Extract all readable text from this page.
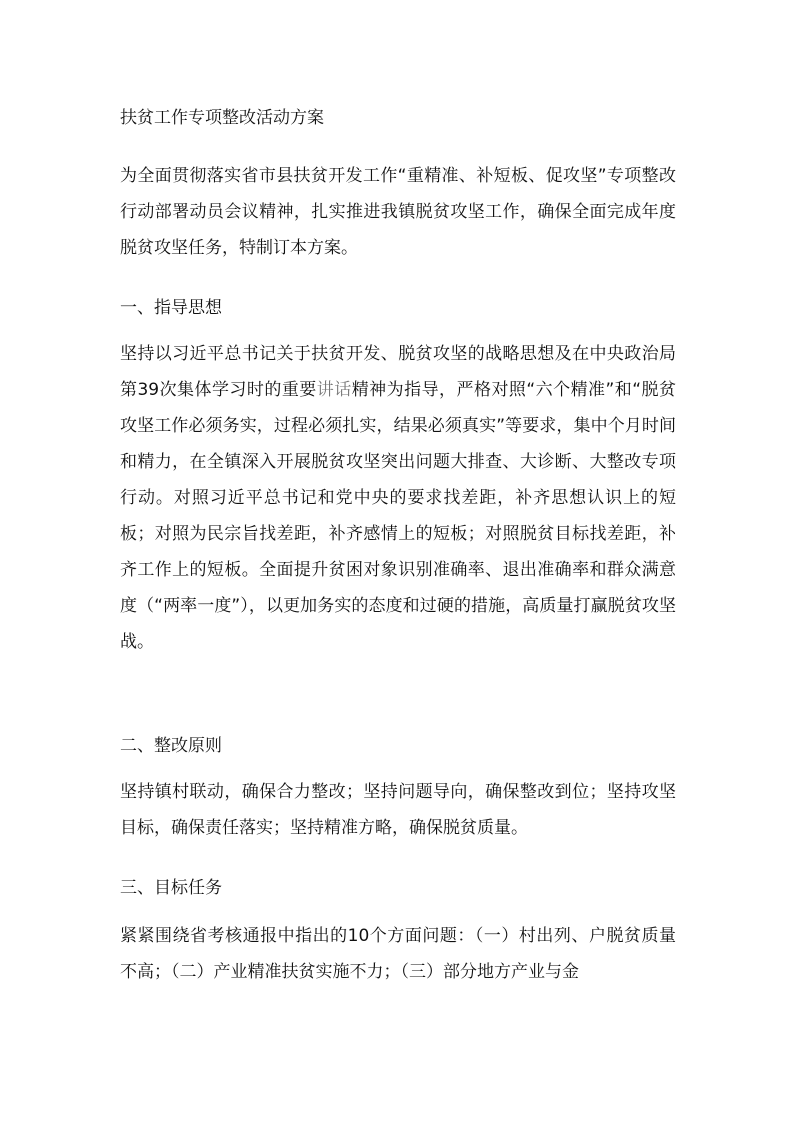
扶贫工作专项整改活动方案

为全面贯彻落实省市县扶贫开发工作“重精准、补短板、促攻坚”专项整改行动部署动员会议精神，扎实推进我镇脱贫攻坚工作，确保全面完成年度脱贫攻坚任务，特制订本方案。

一、指导思想

坚持以习近平总书记关于扶贫开发、脱贫攻坚的战略思想及在中央政治局第39次集体学习时的重要讲话精神为指导，严格对照“六个精准”和“脱贫攻坚工作必须务实，过程必须扎实，结果必须真实”等要求，集中个月时间和精力，在全镇深入开展脱贫攻坚突出问题大排查、大诊断、大整改专项行动。对照习近平总书记和党中央的要求找差距，补齐思想认识上的短板；对照为民宗旨找差距，补齐感情上的短板；对照脱贫目标找差距，补齐工作上的短板。全面提升贫困对象识别准确率、退出准确率和群众满意度（“两率一度”），以更加务实的态度和过硬的措施，高质量打赢脱贫攻坚战。

二、整改原则

坚持镇村联动，确保合力整改；坚持问题导向，确保整改到位；坚持攻坚目标，确保责任落实；坚持精准方略，确保脱贫质量。

三、目标任务

紧紧围绕省考核通报中指出的10个方面问题：（一）村出列、户脱贫质量不高；（二）产业精准扶贫实施不力；（三）部分地方产业与金
